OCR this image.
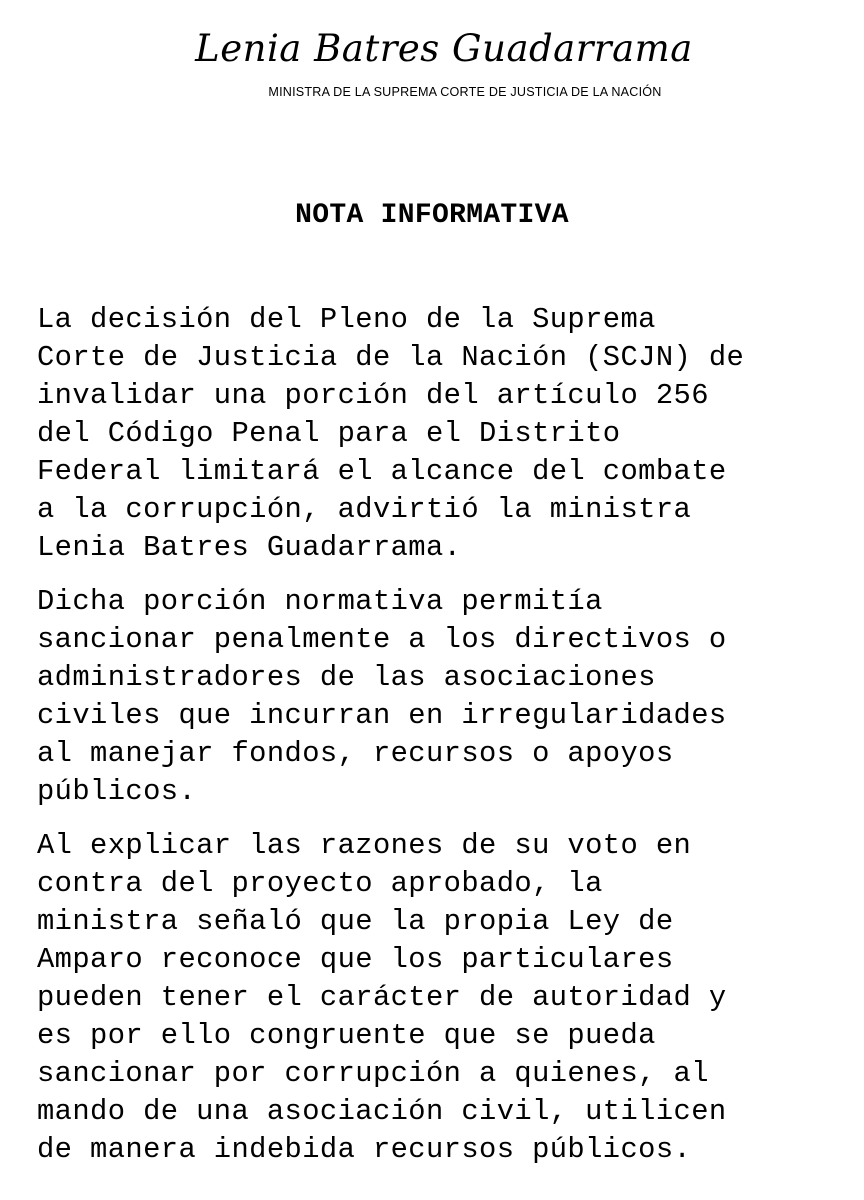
Lenia Batres Guadarrama
MINISTRA DE LA SUPREMA CORTE DE JUSTICIA DE LA NACIÓN
NOTA INFORMATIVA

La decisión del Pleno de la Suprema
Corte de Justicia de la Nación (SCJN) de
invalidar una porción del artículo 256
del Código Penal para el Distrito
Federal limitará el alcance del combate
a la corrupción, advirtió la ministra
Lenia Batres Guadarrama.

Dicha porción normativa permitía
sancionar penalmente a los directivos o
administradores de las asociaciones
civiles que incurran en irregularidades
al manejar fondos, recursos o apoyos
públicos.

Al explicar las razones de su voto en
contra del proyecto aprobado, la
ministra señaló que la propia Ley de
Amparo reconoce que los particulares
pueden tener el carácter de autoridad y
es por ello congruente que se pueda
sancionar por corrupción a quienes, al
mando de una asociación civil, utilicen
de manera indebida recursos públicos.
